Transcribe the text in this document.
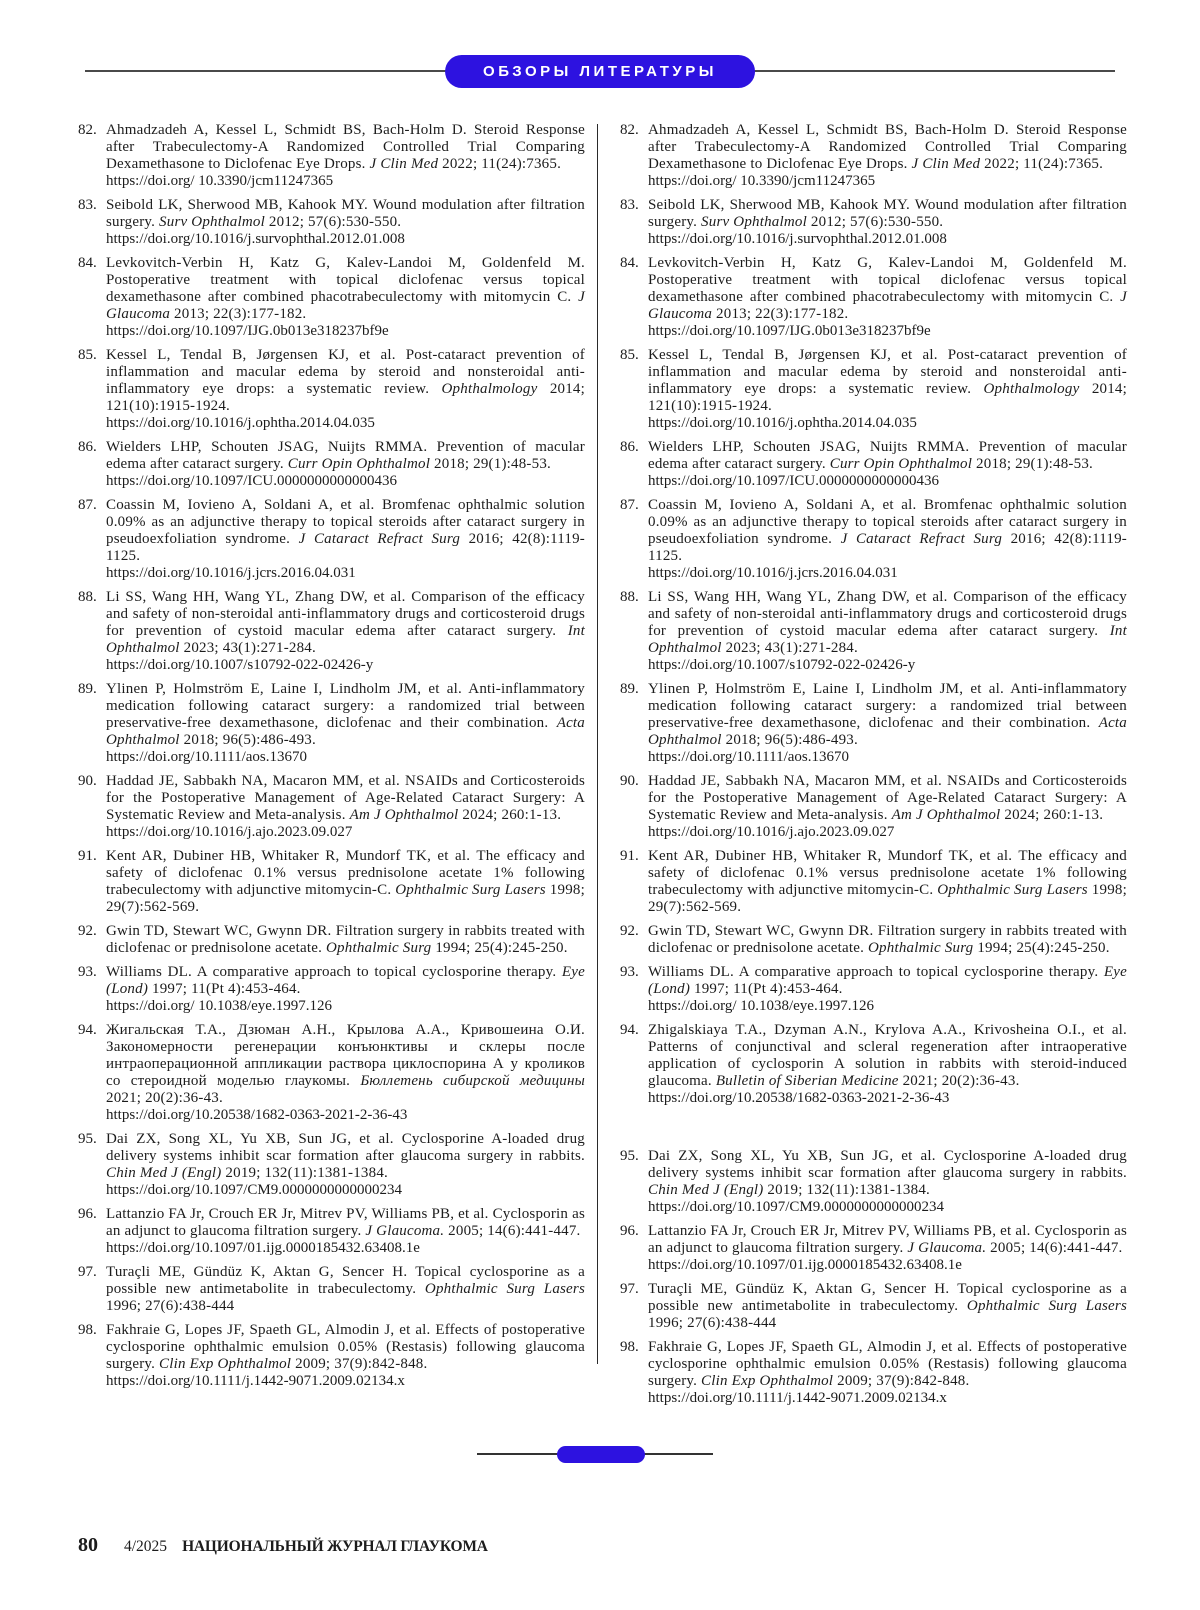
ОБЗОРЫ ЛИТЕРАТУРЫ
82. Ahmadzadeh A, Kessel L, Schmidt BS, Bach-Holm D. Steroid Response after Trabeculectomy-A Randomized Controlled Trial Comparing Dexamethasone to Diclofenac Eye Drops. J Clin Med 2022; 11(24):7365.
https://doi.org/ 10.3390/jcm11247365
83. Seibold LK, Sherwood MB, Kahook MY. Wound modulation after filtration surgery. Surv Ophthalmol 2012; 57(6):530-550.
https://doi.org/10.1016/j.survophthal.2012.01.008
84. Levkovitch-Verbin H, Katz G, Kalev-Landoi M, Goldenfeld M. Postoperative treatment with topical diclofenac versus topical dexamethasone after combined phacotrabeculectomy with mitomycin C. J Glaucoma 2013; 22(3):177-182.
https://doi.org/10.1097/IJG.0b013e318237bf9e
85. Kessel L, Tendal B, Jørgensen KJ, et al. Post-cataract prevention of inflammation and macular edema by steroid and nonsteroidal anti-inflammatory eye drops: a systematic review. Ophthalmology 2014; 121(10):1915-1924.
https://doi.org/10.1016/j.ophtha.2014.04.035
86. Wielders LHP, Schouten JSAG, Nuijts RMMA. Prevention of macular edema after cataract surgery. Curr Opin Ophthalmol 2018; 29(1):48-53.
https://doi.org/10.1097/ICU.0000000000000436
87. Coassin M, Iovieno A, Soldani A, et al. Bromfenac ophthalmic solution 0.09% as an adjunctive therapy to topical steroids after cataract surgery in pseudoexfoliation syndrome. J Cataract Refract Surg 2016; 42(8):1119-1125.
https://doi.org/10.1016/j.jcrs.2016.04.031
88. Li SS, Wang HH, Wang YL, Zhang DW, et al. Comparison of the efficacy and safety of non-steroidal anti-inflammatory drugs and corticosteroid drugs for prevention of cystoid macular edema after cataract surgery. Int Ophthalmol 2023; 43(1):271-284.
https://doi.org/10.1007/s10792-022-02426-y
89. Ylinen P, Holmström E, Laine I, Lindholm JM, et al. Anti-inflammatory medication following cataract surgery: a randomized trial between preservative-free dexamethasone, diclofenac and their combination. Acta Ophthalmol 2018; 96(5):486-493.
https://doi.org/10.1111/aos.13670
90. Haddad JE, Sabbakh NA, Macaron MM, et al. NSAIDs and Corticosteroids for the Postoperative Management of Age-Related Cataract Surgery: A Systematic Review and Meta-analysis. Am J Ophthalmol 2024; 260:1-13.
https://doi.org/10.1016/j.ajo.2023.09.027
91. Kent AR, Dubiner HB, Whitaker R, Mundorf TK, et al. The efficacy and safety of diclofenac 0.1% versus prednisolone acetate 1% following trabeculectomy with adjunctive mitomycin-C. Ophthalmic Surg Lasers 1998; 29(7):562-569.
92. Gwin TD, Stewart WC, Gwynn DR. Filtration surgery in rabbits treated with diclofenac or prednisolone acetate. Ophthalmic Surg 1994; 25(4):245-250.
93. Williams DL. A comparative approach to topical cyclosporine therapy. Eye (Lond) 1997; 11(Pt 4):453-464.
https://doi.org/ 10.1038/eye.1997.126
94. Жигальская Т.А., Дзюман А.Н., Крылова А.А., Кривошеина О.И. Закономерности регенерации конъюнктивы и склеры после интраоперационной аппликации раствора циклоспорина А у кроликов со стероидной моделью глаукомы. Бюллетень сибирской медицины 2021; 20(2):36-43.
https://doi.org/10.20538/1682-0363-2021-2-36-43
95. Dai ZX, Song XL, Yu XB, Sun JG, et al. Cyclosporine A-loaded drug delivery systems inhibit scar formation after glaucoma surgery in rabbits. Chin Med J (Engl) 2019; 132(11):1381-1384.
https://doi.org/10.1097/CM9.0000000000000234
96. Lattanzio FA Jr, Crouch ER Jr, Mitrev PV, Williams PB, et al. Cyclosporin as an adjunct to glaucoma filtration surgery. J Glaucoma. 2005; 14(6):441-447.
https://doi.org/10.1097/01.ijg.0000185432.63408.1e
97. Turaçli ME, Gündüz K, Aktan G, Sencer H. Topical cyclosporine as a possible new antimetabolite in trabeculectomy. Ophthalmic Surg Lasers 1996; 27(6):438-444
98. Fakhraie G, Lopes JF, Spaeth GL, Almodin J, et al. Effects of postoperative cyclosporine ophthalmic emulsion 0.05% (Restasis) following glaucoma surgery. Clin Exp Ophthalmol 2009; 37(9):842-848.
https://doi.org/10.1111/j.1442-9071.2009.02134.x
82. Ahmadzadeh A, Kessel L, Schmidt BS, Bach-Holm D. Steroid Response after Trabeculectomy-A Randomized Controlled Trial Comparing Dexamethasone to Diclofenac Eye Drops. J Clin Med 2022; 11(24):7365.
https://doi.org/ 10.3390/jcm11247365
83. Seibold LK, Sherwood MB, Kahook MY. Wound modulation after filtration surgery. Surv Ophthalmol 2012; 57(6):530-550.
https://doi.org/10.1016/j.survophthal.2012.01.008
84. Levkovitch-Verbin H, Katz G, Kalev-Landoi M, Goldenfeld M. Postoperative treatment with topical diclofenac versus topical dexamethasone after combined phacotrabeculectomy with mitomycin C. J Glaucoma 2013; 22(3):177-182.
https://doi.org/10.1097/IJG.0b013e318237bf9e
85. Kessel L, Tendal B, Jørgensen KJ, et al. Post-cataract prevention of inflammation and macular edema by steroid and nonsteroidal anti-inflammatory eye drops: a systematic review. Ophthalmology 2014; 121(10):1915-1924.
https://doi.org/10.1016/j.ophtha.2014.04.035
86. Wielders LHP, Schouten JSAG, Nuijts RMMA. Prevention of macular edema after cataract surgery. Curr Opin Ophthalmol 2018; 29(1):48-53.
https://doi.org/10.1097/ICU.0000000000000436
87. Coassin M, Iovieno A, Soldani A, et al. Bromfenac ophthalmic solution 0.09% as an adjunctive therapy to topical steroids after cataract surgery in pseudoexfoliation syndrome. J Cataract Refract Surg 2016; 42(8):1119-1125.
https://doi.org/10.1016/j.jcrs.2016.04.031
88. Li SS, Wang HH, Wang YL, Zhang DW, et al. Comparison of the efficacy and safety of non-steroidal anti-inflammatory drugs and corticosteroid drugs for prevention of cystoid macular edema after cataract surgery. Int Ophthalmol 2023; 43(1):271-284.
https://doi.org/10.1007/s10792-022-02426-y
89. Ylinen P, Holmström E, Laine I, Lindholm JM, et al. Anti-inflammatory medication following cataract surgery: a randomized trial between preservative-free dexamethasone, diclofenac and their combination. Acta Ophthalmol 2018; 96(5):486-493.
https://doi.org/10.1111/aos.13670
90. Haddad JE, Sabbakh NA, Macaron MM, et al. NSAIDs and Corticosteroids for the Postoperative Management of Age-Related Cataract Surgery: A Systematic Review and Meta-analysis. Am J Ophthalmol 2024; 260:1-13.
https://doi.org/10.1016/j.ajo.2023.09.027
91. Kent AR, Dubiner HB, Whitaker R, Mundorf TK, et al. The efficacy and safety of diclofenac 0.1% versus prednisolone acetate 1% following trabeculectomy with adjunctive mitomycin-C. Ophthalmic Surg Lasers 1998; 29(7):562-569.
92. Gwin TD, Stewart WC, Gwynn DR. Filtration surgery in rabbits treated with diclofenac or prednisolone acetate. Ophthalmic Surg 1994; 25(4):245-250.
93. Williams DL. A comparative approach to topical cyclosporine therapy. Eye (Lond) 1997; 11(Pt 4):453-464.
https://doi.org/ 10.1038/eye.1997.126
94. Zhigalskiaya T.A., Dzyman A.N., Krylova A.A., Krivosheina O.I., et al. Patterns of conjunctival and scleral regeneration after intraoperative application of cyclosporin A solution in rabbits with steroid-induced glaucoma. Bulletin of Siberian Medicine 2021; 20(2):36-43.
https://doi.org/10.20538/1682-0363-2021-2-36-43
95. Dai ZX, Song XL, Yu XB, Sun JG, et al. Cyclosporine A-loaded drug delivery systems inhibit scar formation after glaucoma surgery in rabbits. Chin Med J (Engl) 2019; 132(11):1381-1384.
https://doi.org/10.1097/CM9.0000000000000234
96. Lattanzio FA Jr, Crouch ER Jr, Mitrev PV, Williams PB, et al. Cyclosporin as an adjunct to glaucoma filtration surgery. J Glaucoma. 2005; 14(6):441-447.
https://doi.org/10.1097/01.ijg.0000185432.63408.1e
97. Turaçli ME, Gündüz K, Aktan G, Sencer H. Topical cyclosporine as a possible new antimetabolite in trabeculectomy. Ophthalmic Surg Lasers 1996; 27(6):438-444
98. Fakhraie G, Lopes JF, Spaeth GL, Almodin J, et al. Effects of postoperative cyclosporine ophthalmic emulsion 0.05% (Restasis) following glaucoma surgery. Clin Exp Ophthalmol 2009; 37(9):842-848.
https://doi.org/10.1111/j.1442-9071.2009.02134.x
80 4/2025 НАЦИОНАЛЬНЫЙ ЖУРНАЛ ГЛАУКОМА
